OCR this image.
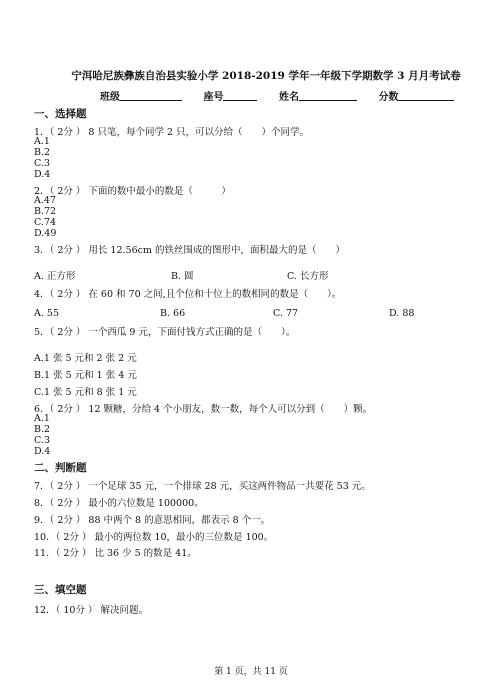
宁洱哈尼族彝族自治县实验小学 2018-2019 学年一年级下学期数学 3 月月考试卷
班级	座号	姓名	分数
一、选择题
1．（ 2分 ） 8 只笔，每个同学 2 只，可以分给（　　）个同学。
A.1
B.2
C.3
D.4
2．（ 2分 ） 下面的数中最小的数是（　　　）
A.47
B.72
C.74
D.49
3．（ 2分 ） 用长 12.56cm 的铁丝围成的图形中，面积最大的是（　　）
A. 正方形	B. 圆	C. 长方形
4．（ 2分 ） 在 60 和 70 之间,且个位和十位上的数相同的数是（　　）。
A. 55	B. 66	C. 77	D. 88
5．（ 2分 ） 一个西瓜 9 元，下面付钱方式正确的是（　　）。
A.1 张 5 元和 2 张 2 元
B.1 张 5 元和 1 张 4 元
C.1 张 5 元和 8 张 1 元
6．（ 2分 ） 12 颗糖，分给 4 个小朋友，数一数，每个人可以分到（　　）颗。
A.1
B.2
C.3
D.4
二、判断题
7．（ 2分 ） 一个足球 35 元，一个排球 28 元，买这两件物品一共要花 53 元。
8．（ 2分 ） 最小的六位数是 100000。
9．（ 2分 ） 88 中两个 8 的意思相同，都表示 8 个一。
10．（ 2分 ） 最小的两位数 10，最小的三位数是 100。
11．（ 2分 ） 比 36 少 5 的数是 41。
三、填空题
12．（ 10分 ） 解决问题。
第 1 页，共 11 页
